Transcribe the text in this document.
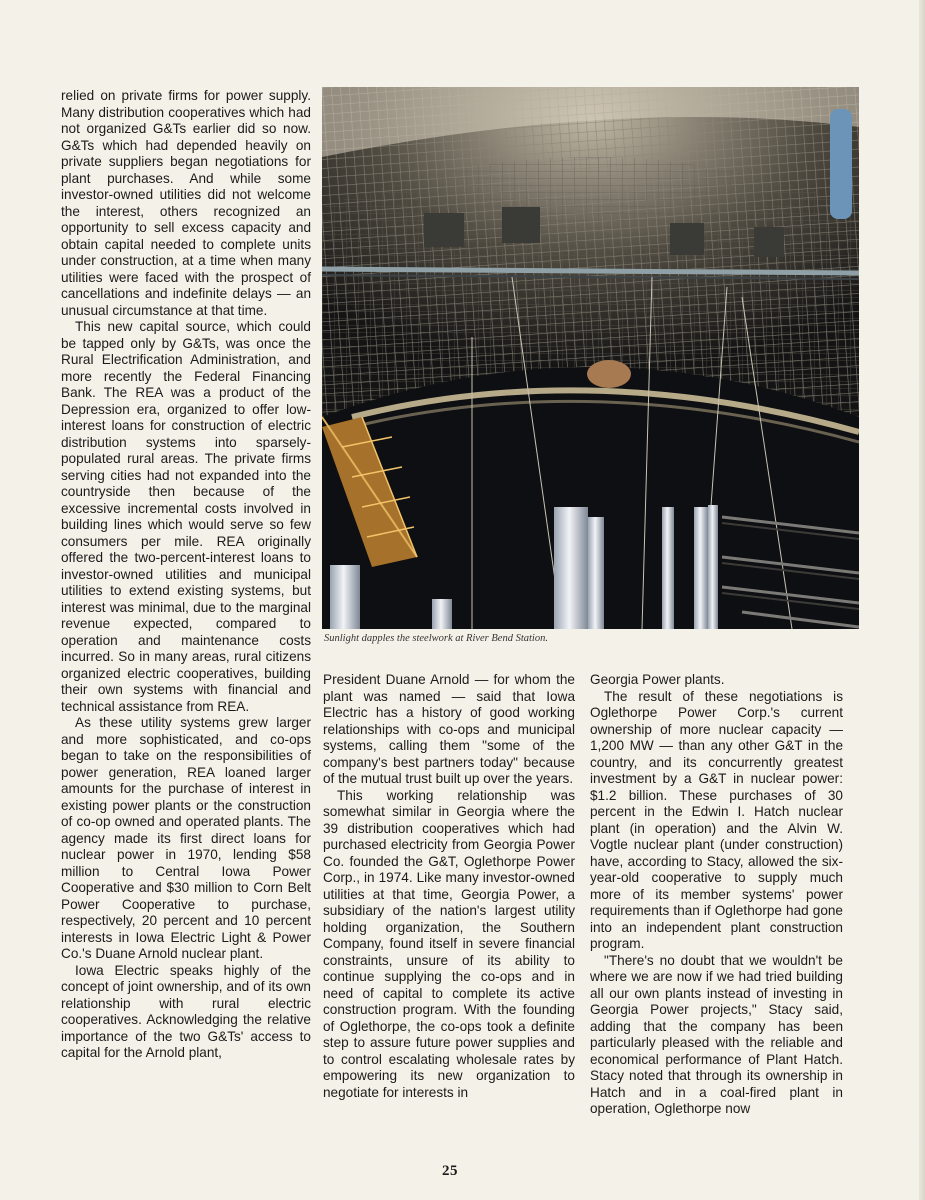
relied on private firms for power supply. Many distribution cooperatives which had not organized G&Ts earlier did so now. G&Ts which had depended heavily on private suppliers began negotiations for plant purchases. And while some investor-owned utilities did not welcome the interest, others recognized an opportunity to sell excess capacity and obtain capital needed to complete units under construction, at a time when many utilities were faced with the prospect of cancellations and indefinite delays — an unusual circumstance at that time.

This new capital source, which could be tapped only by G&Ts, was once the Rural Electrification Administration, and more recently the Federal Financing Bank. The REA was a product of the Depression era, organized to offer low-interest loans for construction of electric distribution systems into sparsely-populated rural areas. The private firms serving cities had not expanded into the countryside then because of the excessive incremental costs involved in building lines which would serve so few consumers per mile. REA originally offered the two-percent-interest loans to investor-owned utilities and municipal utilities to extend existing systems, but interest was minimal, due to the marginal revenue expected, compared to operation and maintenance costs incurred. So in many areas, rural citizens organized electric cooperatives, building their own systems with financial and technical assistance from REA.

As these utility systems grew larger and more sophisticated, and co-ops began to take on the responsibilities of power generation, REA loaned larger amounts for the purchase of interest in existing power plants or the construction of co-op owned and operated plants. The agency made its first direct loans for nuclear power in 1970, lending $58 million to Central Iowa Power Cooperative and $30 million to Corn Belt Power Cooperative to purchase, respectively, 20 percent and 10 percent interests in Iowa Electric Light & Power Co.'s Duane Arnold nuclear plant.

Iowa Electric speaks highly of the concept of joint ownership, and of its own relationship with rural electric cooperatives. Acknowledging the relative importance of the two G&Ts' access to capital for the Arnold plant,

Sunlight dapples the steelwork at River Bend Station.

President Duane Arnold — for whom the plant was named — said that Iowa Electric has a history of good working relationships with co-ops and municipal systems, calling them "some of the company's best partners today" because of the mutual trust built up over the years.

This working relationship was somewhat similar in Georgia where the 39 distribution cooperatives which had purchased electricity from Georgia Power Co. founded the G&T, Oglethorpe Power Corp., in 1974. Like many investor-owned utilities at that time, Georgia Power, a subsidiary of the nation's largest utility holding organization, the Southern Company, found itself in severe financial constraints, unsure of its ability to continue supplying the co-ops and in need of capital to complete its active construction program. With the founding of Oglethorpe, the co-ops took a definite step to assure future power supplies and to control escalating wholesale rates by empowering its new organization to negotiate for interests in

Georgia Power plants.

The result of these negotiations is Oglethorpe Power Corp.'s current ownership of more nuclear capacity — 1,200 MW — than any other G&T in the country, and its concurrently greatest investment by a G&T in nuclear power: $1.2 billion. These purchases of 30 percent in the Edwin I. Hatch nuclear plant (in operation) and the Alvin W. Vogtle nuclear plant (under construction) have, according to Stacy, allowed the six-year-old cooperative to supply much more of its member systems' power requirements than if Oglethorpe had gone into an independent plant construction program.

"There's no doubt that we wouldn't be where we are now if we had tried building all our own plants instead of investing in Georgia Power projects," Stacy said, adding that the company has been particularly pleased with the reliable and economical performance of Plant Hatch. Stacy noted that through its ownership in Hatch and in a coal-fired plant in operation, Oglethorpe now

25
